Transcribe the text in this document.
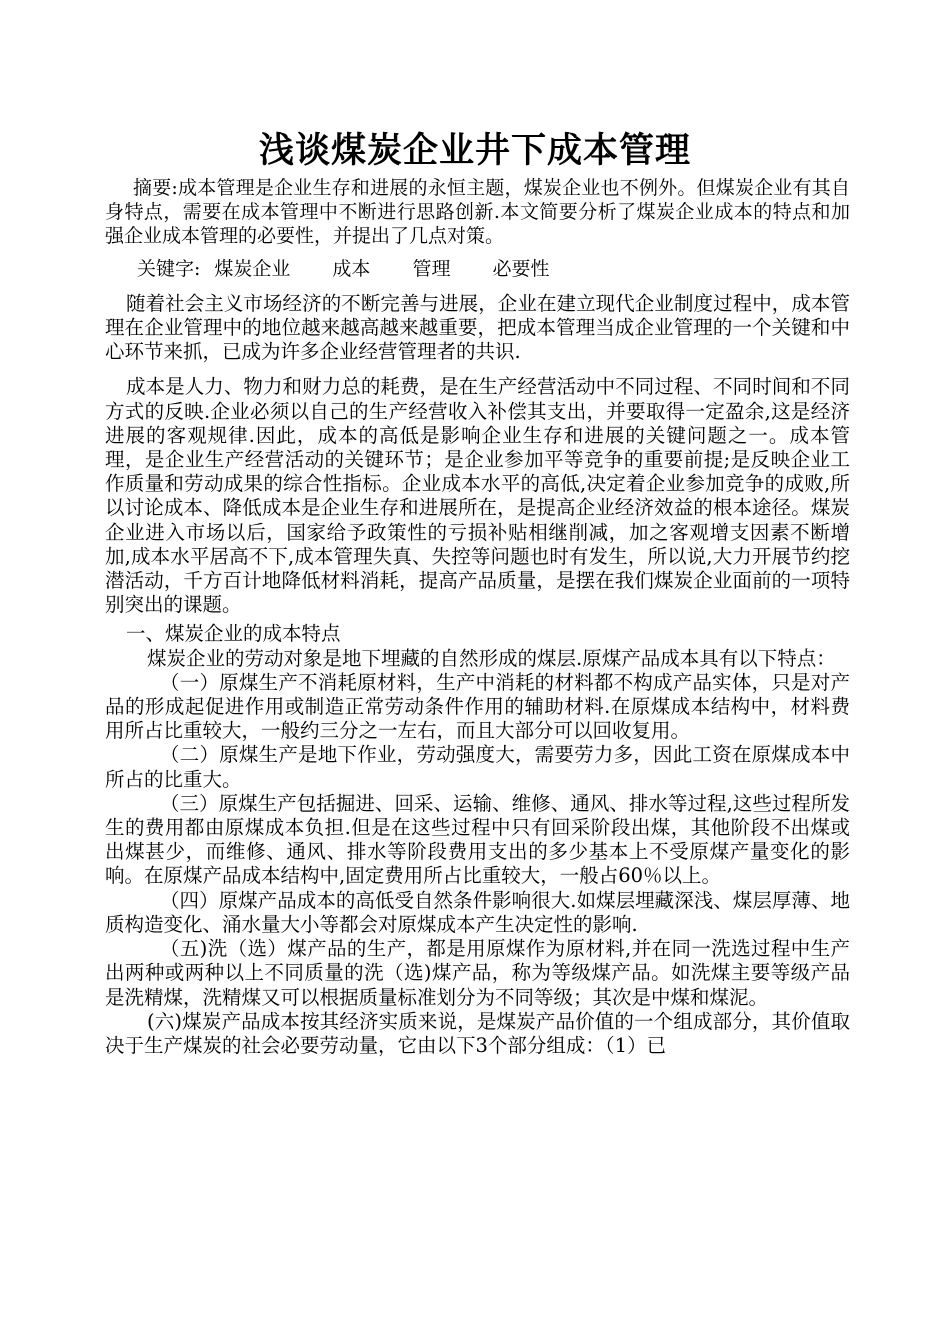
浅谈煤炭企业井下成本管理

摘要:成本管理是企业生存和进展的永恒主题，煤炭企业也不例外。但煤炭企业有其自身特点，需要在成本管理中不断进行思路创新.本文简要分析了煤炭企业成本的特点和加强企业成本管理的必要性，并提出了几点对策。

关键字: 煤炭企业 成本 管理 必要性

随着社会主义市场经济的不断完善与进展，企业在建立现代企业制度过程中，成本管理在企业管理中的地位越来越高越来越重要，把成本管理当成企业管理的一个关键和中心环节来抓，已成为许多企业经营管理者的共识.

成本是人力、物力和财力总的耗费，是在生产经营活动中不同过程、不同时间和不同方式的反映.企业必须以自己的生产经营收入补偿其支出，并要取得一定盈余,这是经济进展的客观规律.因此，成本的高低是影响企业生存和进展的关键问题之一。成本管理，是企业生产经营活动的关键环节；是企业参加平等竞争的重要前提;是反映企业工作质量和劳动成果的综合性指标。企业成本水平的高低,决定着企业参加竞争的成败,所以讨论成本、降低成本是企业生存和进展所在，是提高企业经济效益的根本途径。煤炭企业进入市场以后，国家给予政策性的亏损补贴相继削减，加之客观增支因素不断增加,成本水平居高不下,成本管理失真、失控等问题也时有发生，所以说,大力开展节约挖潜活动，千方百计地降低材料消耗，提高产品质量，是摆在我们煤炭企业面前的一项特别突出的课题。

一、煤炭企业的成本特点

煤炭企业的劳动对象是地下埋藏的自然形成的煤层.原煤产品成本具有以下特点：

（一）原煤生产不消耗原材料，生产中消耗的材料都不构成产品实体，只是对产品的形成起促进作用或制造正常劳动条件作用的辅助材料.在原煤成本结构中，材料费用所占比重较大，一般约三分之一左右，而且大部分可以回收复用。

（二）原煤生产是地下作业，劳动强度大，需要劳力多，因此工资在原煤成本中所占的比重大。

（三）原煤生产包括掘进、回采、运输、维修、通风、排水等过程,这些过程所发生的费用都由原煤成本负担.但是在这些过程中只有回采阶段出煤，其他阶段不出煤或出煤甚少，而维修、通风、排水等阶段费用支出的多少基本上不受原煤产量变化的影响。在原煤产品成本结构中,固定费用所占比重较大，一般占60％以上。

（四）原煤产品成本的高低受自然条件影响很大.如煤层埋藏深浅、煤层厚薄、地质构造变化、涌水量大小等都会对原煤成本产生决定性的影响.

（五)洗（选）煤产品的生产，都是用原煤作为原材料,并在同一洗选过程中生产出两种或两种以上不同质量的洗（选)煤产品，称为等级煤产品。如洗煤主要等级产品是洗精煤，洗精煤又可以根据质量标准划分为不同等级；其次是中煤和煤泥。

(六)煤炭产品成本按其经济实质来说，是煤炭产品价值的一个组成部分，其价值取决于生产煤炭的社会必要劳动量，它由以下3个部分组成：（1）已
